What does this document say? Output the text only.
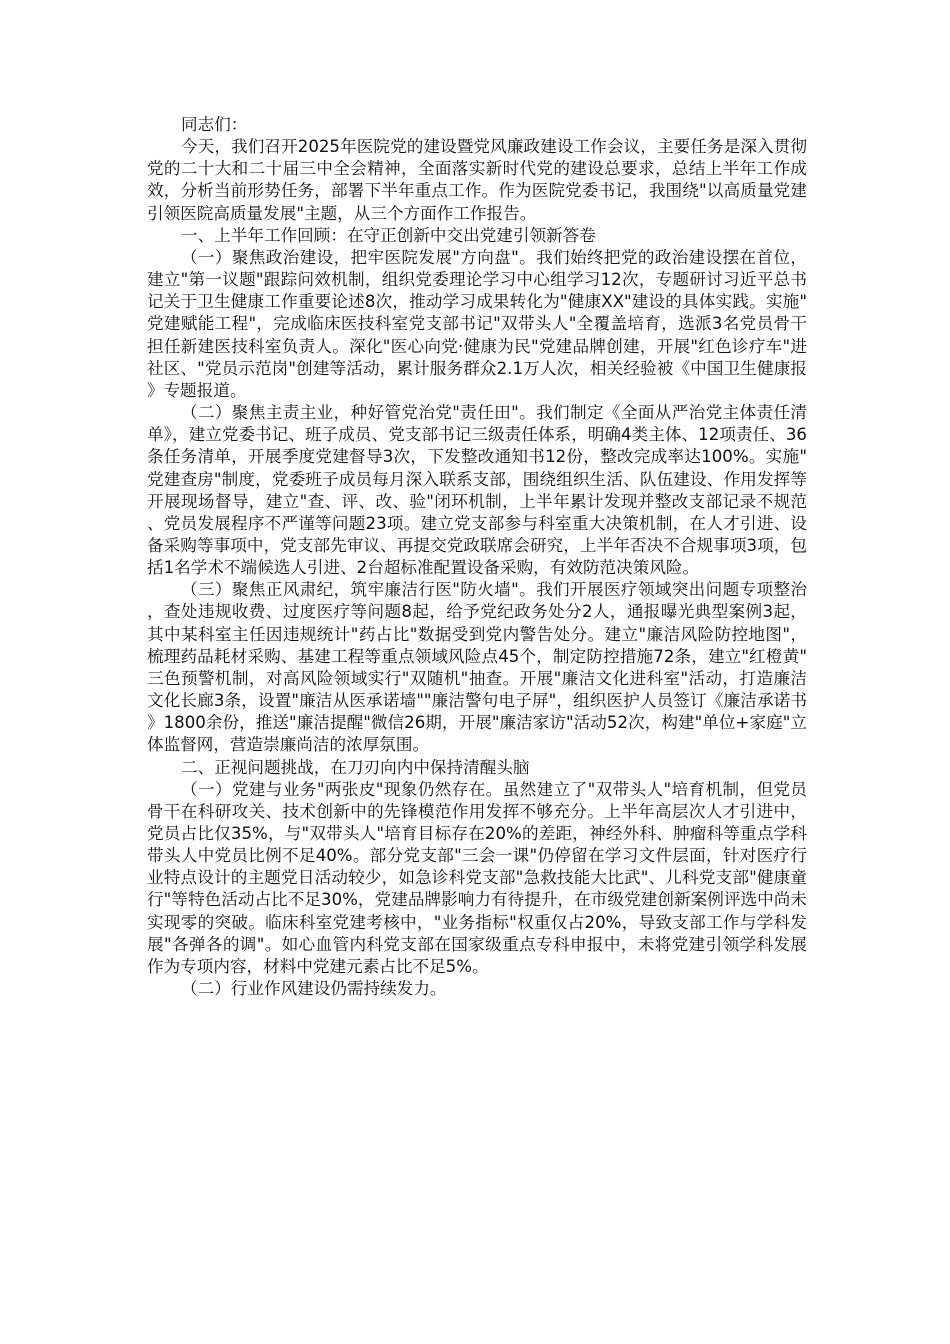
同志们：

今天，我们召开2025年医院党的建设暨党风廉政建设工作会议，主要任务是深入贯彻党的二十大和二十届三中全会精神，全面落实新时代党的建设总要求，总结上半年工作成效，分析当前形势任务，部署下半年重点工作。作为医院党委书记，我围绕"以高质量党建引领医院高质量发展"主题，从三个方面作工作报告。

一、上半年工作回顾：在守正创新中交出党建引领新答卷

（一）聚焦政治建设，把牢医院发展"方向盘"。我们始终把党的政治建设摆在首位，建立"第一议题"跟踪问效机制，组织党委理论学习中心组学习12次，专题研讨习近平总书记关于卫生健康工作重要论述8次，推动学习成果转化为"健康XX"建设的具体实践。实施"党建赋能工程"，完成临床医技科室党支部书记"双带头人"全覆盖培育，选派3名党员骨干担任新建医技科室负责人。深化"医心向党·健康为民"党建品牌创建，开展"红色诊疗车"进社区、"党员示范岗"创建等活动，累计服务群众2.1万人次，相关经验被《中国卫生健康报》专题报道。

（二）聚焦主责主业，种好管党治党"责任田"。我们制定《全面从严治党主体责任清单》，建立党委书记、班子成员、党支部书记三级责任体系，明确4类主体、12项责任、36条任务清单，开展季度党建督导3次，下发整改通知书12份，整改完成率达100%。实施"党建查房"制度，党委班子成员每月深入联系支部，围绕组织生活、队伍建设、作用发挥等开展现场督导，建立"查、评、改、验"闭环机制，上半年累计发现并整改支部记录不规范、党员发展程序不严谨等问题23项。建立党支部参与科室重大决策机制，在人才引进、设备采购等事项中，党支部先审议、再提交党政联席会研究，上半年否决不合规事项3项，包括1名学术不端候选人引进、2台超标准配置设备采购，有效防范决策风险。

（三）聚焦正风肃纪，筑牢廉洁行医"防火墙"。我们开展医疗领域突出问题专项整治，查处违规收费、过度医疗等问题8起，给予党纪政务处分2人，通报曝光典型案例3起，其中某科室主任因违规统计"药占比"数据受到党内警告处分。建立"廉洁风险防控地图"，梳理药品耗材采购、基建工程等重点领域风险点45个，制定防控措施72条，建立"红橙黄"三色预警机制，对高风险领域实行"双随机"抽查。开展"廉洁文化进科室"活动，打造廉洁文化长廊3条，设置"廉洁从医承诺墙""廉洁警句电子屏"，组织医护人员签订《廉洁承诺书》1800余份，推送"廉洁提醒"微信26期，开展"廉洁家访"活动52次，构建"单位+家庭"立体监督网，营造崇廉尚洁的浓厚氛围。

二、正视问题挑战，在刀刃向内中保持清醒头脑

（一）党建与业务"两张皮"现象仍然存在。虽然建立了"双带头人"培育机制，但党员骨干在科研攻关、技术创新中的先锋模范作用发挥不够充分。上半年高层次人才引进中，党员占比仅35%，与"双带头人"培育目标存在20%的差距，神经外科、肿瘤科等重点学科带头人中党员比例不足40%。部分党支部"三会一课"仍停留在学习文件层面，针对医疗行业特点设计的主题党日活动较少，如急诊科党支部"急救技能大比武"、儿科党支部"健康童行"等特色活动占比不足30%，党建品牌影响力有待提升，在市级党建创新案例评选中尚未实现零的突破。临床科室党建考核中，"业务指标"权重仅占20%，导致支部工作与学科发展"各弹各的调"。如心血管内科党支部在国家级重点专科申报中，未将党建引领学科发展作为专项内容，材料中党建元素占比不足5%。

（二）行业作风建设仍需持续发力。
